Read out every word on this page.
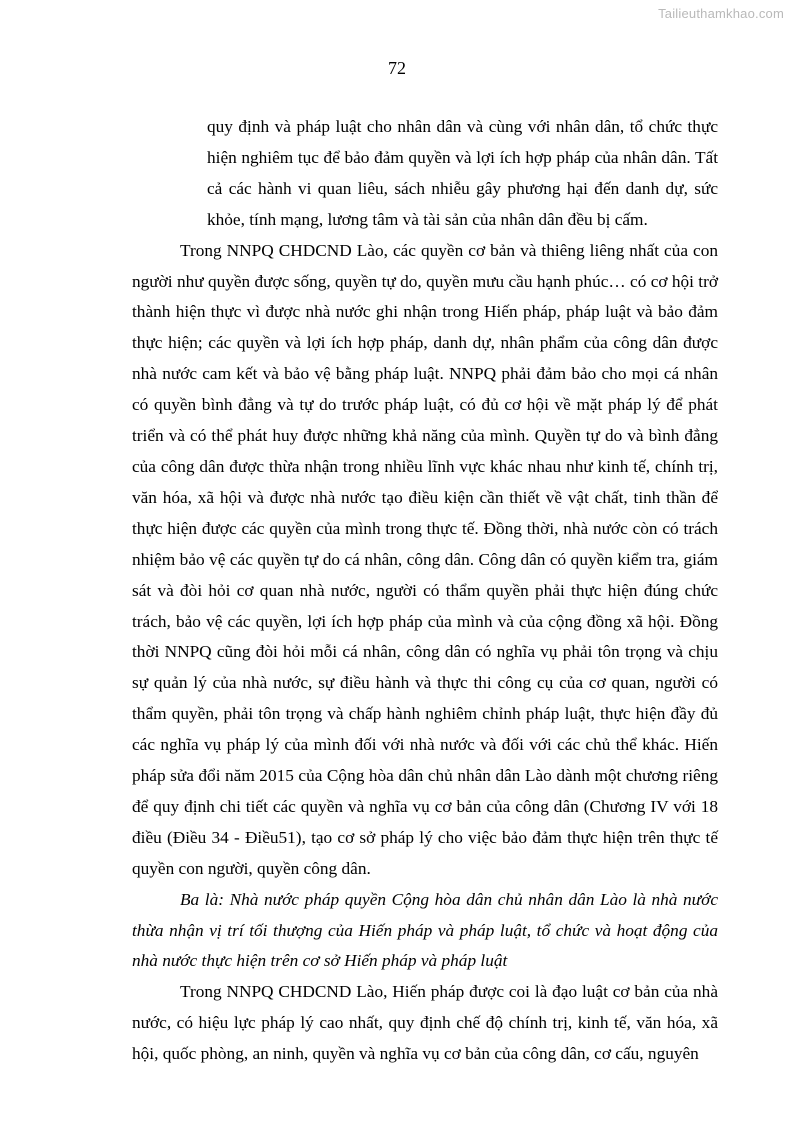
Tailieuthamkhao.com
72

quy định và pháp luật cho nhân dân và cùng với nhân dân, tổ chức thực hiện nghiêm tục để bảo đảm quyền và lợi ích hợp pháp của nhân dân. Tất cả các hành vi quan liêu, sách nhiễu gây phương hại đến danh dự, sức khỏe, tính mạng, lương tâm và tài sản của nhân dân đều bị cấm.

Trong NNPQ CHDCND Lào, các quyền cơ bản và thiêng liêng nhất của con người như quyền được sống, quyền tự do, quyền mưu cầu hạnh phúc… có cơ hội trở thành hiện thực vì được nhà nước ghi nhận trong Hiến pháp, pháp luật và bảo đảm thực hiện; các quyền và lợi ích hợp pháp, danh dự, nhân phẩm của công dân được nhà nước cam kết và bảo vệ bằng pháp luật. NNPQ phải đảm bảo cho mọi cá nhân có quyền bình đẳng và tự do trước pháp luật, có đủ cơ hội về mặt pháp lý để phát triển và có thể phát huy được những khả năng của mình. Quyền tự do và bình đẳng của công dân được thừa nhận trong nhiều lĩnh vực khác nhau như kinh tế, chính trị, văn hóa, xã hội và được nhà nước tạo điều kiện cần thiết về vật chất, tinh thần để thực hiện được các quyền của mình trong thực tế. Đồng thời, nhà nước còn có trách nhiệm bảo vệ các quyền tự do cá nhân, công dân. Công dân có quyền kiểm tra, giám sát và đòi hỏi cơ quan nhà nước, người có thẩm quyền phải thực hiện đúng chức trách, bảo vệ các quyền, lợi ích hợp pháp của mình và của cộng đồng xã hội. Đồng thời NNPQ cũng đòi hỏi mỗi cá nhân, công dân có nghĩa vụ phải tôn trọng và chịu sự quản lý của nhà nước, sự điều hành và thực thi công cụ của cơ quan, người có thẩm quyền, phải tôn trọng và chấp hành nghiêm chỉnh pháp luật, thực hiện đầy đủ các nghĩa vụ pháp lý của mình đối với nhà nước và đối với các chủ thể khác. Hiến pháp sửa đổi năm 2015 của Cộng hòa dân chủ nhân dân Lào dành một chương riêng để quy định chi tiết các quyền và nghĩa vụ cơ bản của công dân (Chương IV với 18 điều (Điều 34 - Điều51), tạo cơ sở pháp lý cho việc bảo đảm thực hiện trên thực tế quyền con người, quyền công dân.

Ba là: Nhà nước pháp quyền Cộng hòa dân chủ nhân dân Lào là nhà nước thừa nhận vị trí tối thượng của Hiến pháp và pháp luật, tổ chức và hoạt động của nhà nước thực hiện trên cơ sở Hiến pháp và pháp luật

Trong NNPQ CHDCND Lào, Hiến pháp được coi là đạo luật cơ bản của nhà nước, có hiệu lực pháp lý cao nhất, quy định chế độ chính trị, kinh tế, văn hóa, xã hội, quốc phòng, an ninh, quyền và nghĩa vụ cơ bản của công dân, cơ cấu, nguyên
